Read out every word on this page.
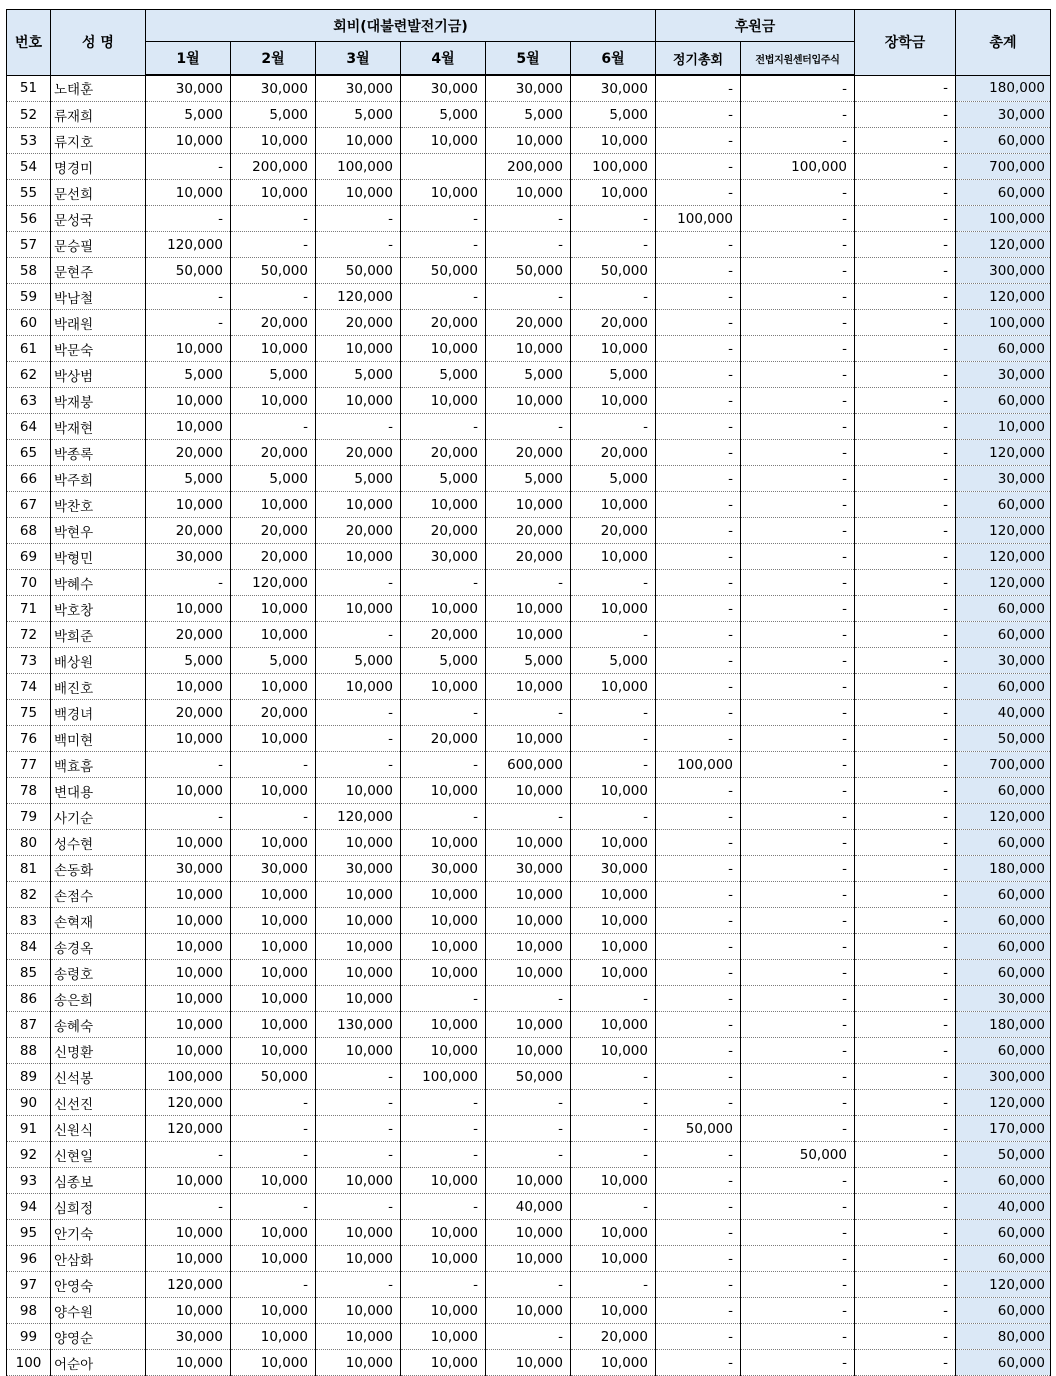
번호	성 명	회비(대불련발전기금)						후원금		장학금	총계
		1월	2월	3월	4월	5월	6월	정기총회	전법지원센터입주식		
51	노태훈	30,000	30,000	30,000	30,000	30,000	30,000	-	-	-	180,000
52	류재희	5,000	5,000	5,000	5,000	5,000	5,000	-	-	-	30,000
53	류지호	10,000	10,000	10,000	10,000	10,000	10,000	-	-	-	60,000
54	명경미	-	200,000	100,000		200,000	100,000	-	100,000	-	700,000
55	문선희	10,000	10,000	10,000	10,000	10,000	10,000	-	-	-	60,000
56	문성국	-	-	-	-	-	-	100,000	-	-	100,000
57	문승필	120,000	-	-	-	-	-	-	-	-	120,000
58	문현주	50,000	50,000	50,000	50,000	50,000	50,000	-	-	-	300,000
59	박남철	-	-	120,000	-	-	-	-	-	-	120,000
60	박래원	-	20,000	20,000	20,000	20,000	20,000	-	-	-	100,000
61	박문숙	10,000	10,000	10,000	10,000	10,000	10,000	-	-	-	60,000
62	박상범	5,000	5,000	5,000	5,000	5,000	5,000	-	-	-	30,000
63	박재붕	10,000	10,000	10,000	10,000	10,000	10,000	-	-	-	60,000
64	박재현	10,000	-	-	-	-	-	-	-	-	10,000
65	박종록	20,000	20,000	20,000	20,000	20,000	20,000	-	-	-	120,000
66	박주희	5,000	5,000	5,000	5,000	5,000	5,000	-	-	-	30,000
67	박찬호	10,000	10,000	10,000	10,000	10,000	10,000	-	-	-	60,000
68	박현우	20,000	20,000	20,000	20,000	20,000	20,000	-	-	-	120,000
69	박형민	30,000	20,000	10,000	30,000	20,000	10,000	-	-	-	120,000
70	박혜수	-	120,000	-	-	-	-	-	-	-	120,000
71	박호창	10,000	10,000	10,000	10,000	10,000	10,000	-	-	-	60,000
72	박희준	20,000	10,000	-	20,000	10,000	-	-	-	-	60,000
73	배상원	5,000	5,000	5,000	5,000	5,000	5,000	-	-	-	30,000
74	배진호	10,000	10,000	10,000	10,000	10,000	10,000	-	-	-	60,000
75	백경녀	20,000	20,000	-	-	-	-	-	-	-	40,000
76	백미현	10,000	10,000	-	20,000	10,000	-	-	-	-	50,000
77	백효흠	-	-	-	-	600,000	-	100,000	-	-	700,000
78	변대용	10,000	10,000	10,000	10,000	10,000	10,000	-	-	-	60,000
79	사기순	-	-	120,000	-	-	-	-	-	-	120,000
80	성수현	10,000	10,000	10,000	10,000	10,000	10,000	-	-	-	60,000
81	손동화	30,000	30,000	30,000	30,000	30,000	30,000	-	-	-	180,000
82	손점수	10,000	10,000	10,000	10,000	10,000	10,000	-	-	-	60,000
83	손혁재	10,000	10,000	10,000	10,000	10,000	10,000	-	-	-	60,000
84	송경옥	10,000	10,000	10,000	10,000	10,000	10,000	-	-	-	60,000
85	송령호	10,000	10,000	10,000	10,000	10,000	10,000	-	-	-	60,000
86	송은희	10,000	10,000	10,000	-	-	-	-	-	-	30,000
87	송혜숙	10,000	10,000	130,000	10,000	10,000	10,000	-	-	-	180,000
88	신명환	10,000	10,000	10,000	10,000	10,000	10,000	-	-	-	60,000
89	신석봉	100,000	50,000	-	100,000	50,000	-	-	-	-	300,000
90	신선진	120,000	-	-	-	-	-	-	-	-	120,000
91	신원식	120,000	-	-	-	-	-	50,000	-	-	170,000
92	신현일	-	-	-	-	-	-	-	50,000	-	50,000
93	심종보	10,000	10,000	10,000	10,000	10,000	10,000	-	-	-	60,000
94	심희정	-	-	-	-	40,000	-	-	-	-	40,000
95	안기숙	10,000	10,000	10,000	10,000	10,000	10,000	-	-	-	60,000
96	안삼화	10,000	10,000	10,000	10,000	10,000	10,000	-	-	-	60,000
97	안영숙	120,000	-	-	-	-	-	-	-	-	120,000
98	양수원	10,000	10,000	10,000	10,000	10,000	10,000	-	-	-	60,000
99	양영순	30,000	10,000	10,000	10,000	-	20,000	-	-	-	80,000
100	어순아	10,000	10,000	10,000	10,000	10,000	10,000	-	-	-	60,000
